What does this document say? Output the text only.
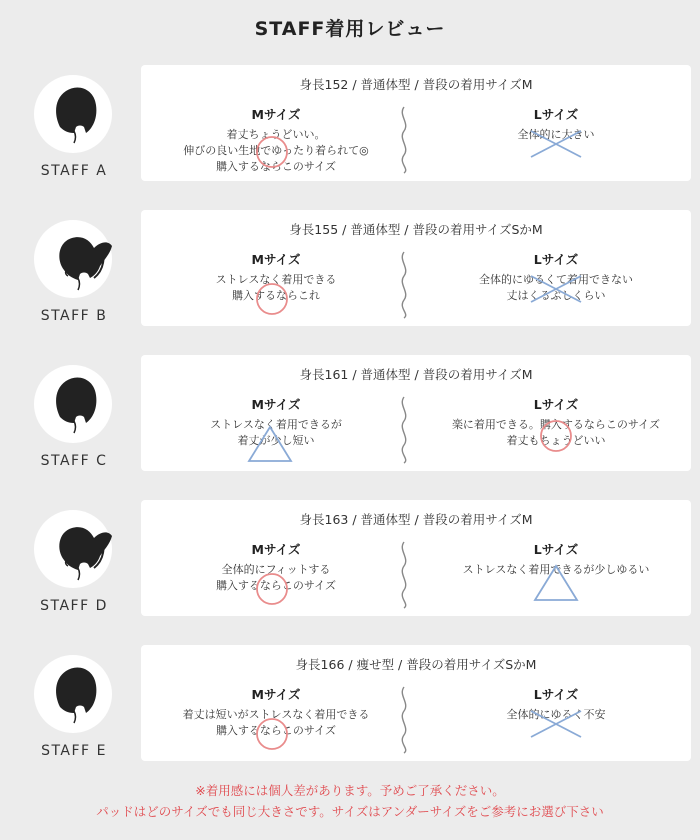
STAFF着用レビュー
STAFF A
身長152 / 普通体型 / 普段の着用サイズM
Mサイズ
着丈ちょうどいい。
伸びの良い生地でゆったり着られて◎
購入するならこのサイズ
Lサイズ
全体的に大きい
STAFF B
身長155 / 普通体型 / 普段の着用サイズSかM
Mサイズ
ストレスなく着用できる
購入するならこれ
Lサイズ
全体的にゆるくて着用できない
丈はくるぶしくらい
STAFF C
身長161 / 普通体型 / 普段の着用サイズM
Mサイズ
ストレスなく着用できるが
着丈が少し短い
Lサイズ
楽に着用できる。購入するならこのサイズ
着丈もちょうどいい
STAFF D
身長163 / 普通体型 / 普段の着用サイズM
Mサイズ
全体的にフィットする
購入するならこのサイズ
Lサイズ
ストレスなく着用できるが少しゆるい
STAFF E
身長166 / 痩せ型 / 普段の着用サイズSかM
Mサイズ
着丈は短いがストレスなく着用できる
購入するならこのサイズ
Lサイズ
全体的にゆるく不安
※着用感には個人差があります。予めご了承ください。
パッドはどのサイズでも同じ大きさです。サイズはアンダーサイズをご参考にお選び下さい
